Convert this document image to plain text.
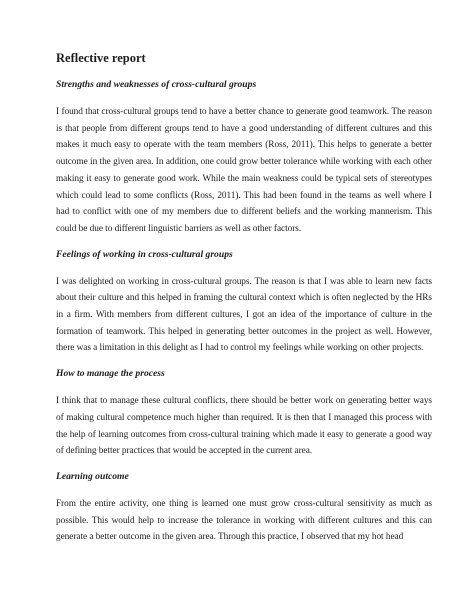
Reflective report
Strengths and weaknesses of cross-cultural groups
I found that cross-cultural groups tend to have a better chance to generate good teamwork. The reason is that people from different groups tend to have a good understanding of different cultures and this makes it much easy to operate with the team members (Ross, 2011). This helps to generate a better outcome in the given area. In addition, one could grow better tolerance while working with each other making it easy to generate good work. While the main weakness could be typical sets of stereotypes which could lead to some conflicts (Ross, 2011). This had been found in the teams as well where I had to conflict with one of my members due to different beliefs and the working mannerism. This could be due to different linguistic barriers as well as other factors.
Feelings of working in cross-cultural groups
I was delighted on working in cross-cultural groups. The reason is that I was able to learn new facts about their culture and this helped in framing the cultural context which is often neglected by the HRs in a firm. With members from different cultures, I got an idea of the importance of culture in the formation of teamwork. This helped in generating better outcomes in the project as well. However, there was a limitation in this delight as I had to control my feelings while working on other projects.
How to manage the process
I think that to manage these cultural conflicts, there should be better work on generating better ways of making cultural competence much higher than required. It is then that I managed this process with the help of learning outcomes from cross-cultural training which made it easy to generate a good way of defining better practices that would be accepted in the current area.
Learning outcome
From the entire activity, one thing is learned one must grow cross-cultural sensitivity as much as possible. This would help to increase the tolerance in working with different cultures and this can generate a better outcome in the given area. Through this practice, I observed that my hot head
